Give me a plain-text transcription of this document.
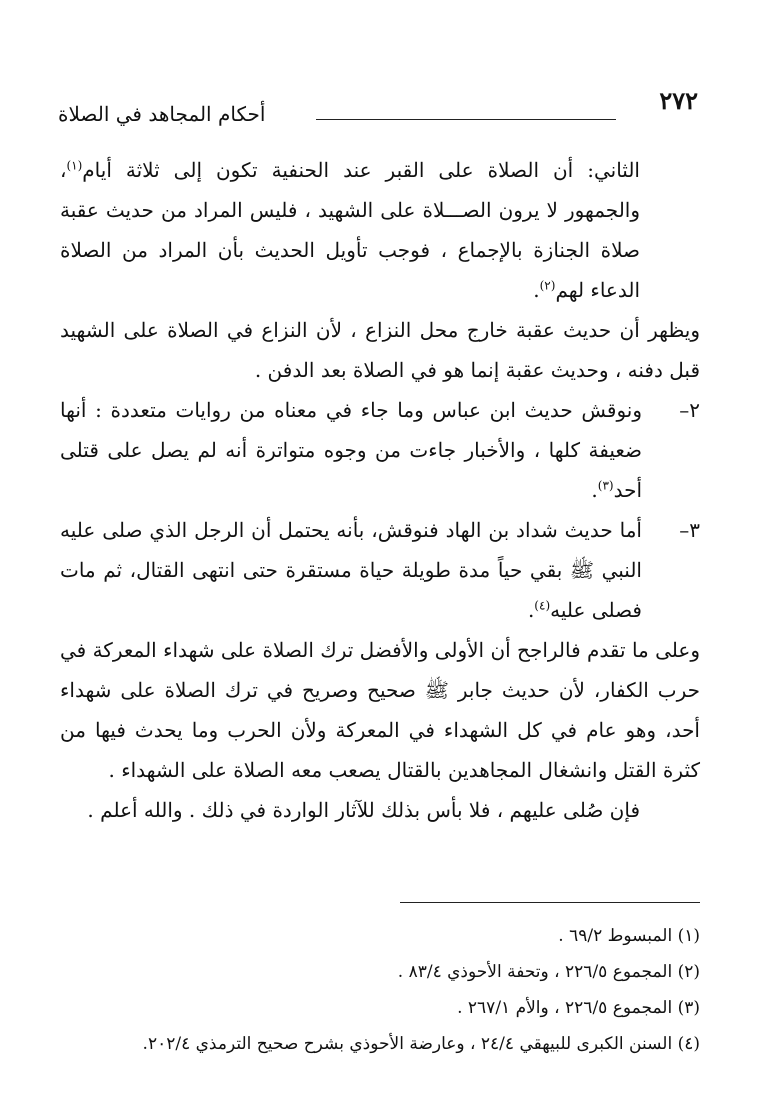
٢٧٢
أحكام المجاهد في الصلاة

الثاني: أن الصلاة على القبر عند الحنفية تكون إلى ثلاثة أيام$^{(١)}$، والجمهور لا يرون الصـــلاة على الشهيد ، فليس المراد من حديث عقبة صلاة الجنازة بالإجماع ، فوجب تأويل الحديث بأن المراد من الصلاة الدعاء لهم$^{(٢)}$.

ويظهر أن حديث عقبة خارج محل النزاع ، لأن النزاع في الصلاة على الشهيد قبل دفنه ، وحديث عقبة إنما هو في الصلاة بعد الدفن .

٢–
ونوقش حديث ابن عباس وما جاء في معناه من روايات متعددة : أنها ضعيفة كلها ، والأخبار جاءت من وجوه متواترة أنه لم يصل على قتلى أحد$^{(٣)}$.

٣–
أما حديث شداد بن الهاد فنوقش، بأنه يحتمل أن الرجل الذي صلى عليه النبي ﷺ بقي حياً مدة طويلة حياة مستقرة حتى انتهى القتال، ثم مات فصلى عليه$^{(٤)}$.

وعلى ما تقدم فالراجح أن الأولى والأفضل ترك الصلاة على شهداء المعركة في حرب الكفار، لأن حديث جابر ﷺ صحيح وصريح في ترك الصلاة على شهداء أحد، وهو عام في كل الشهداء في المعركة ولأن الحرب وما يحدث فيها من كثرة القتل وانشغال المجاهدين بالقتال يصعب معه الصلاة على الشهداء .

فإن صُلى عليهم ، فلا بأس بذلك للآثار الواردة في ذلك . والله أعلم .

(١) المبسوط ٦٩/٢ .

(٢) المجموع ٢٢٦/٥ ، وتحفة الأحوذي ٨٣/٤ .

(٣) المجموع ٢٢٦/٥ ، والأم ٢٦٧/١ .

(٤) السنن الكبرى للبيهقي ٢٤/٤ ، وعارضة الأحوذي بشرح صحيح الترمذي ٢٠٢/٤.
